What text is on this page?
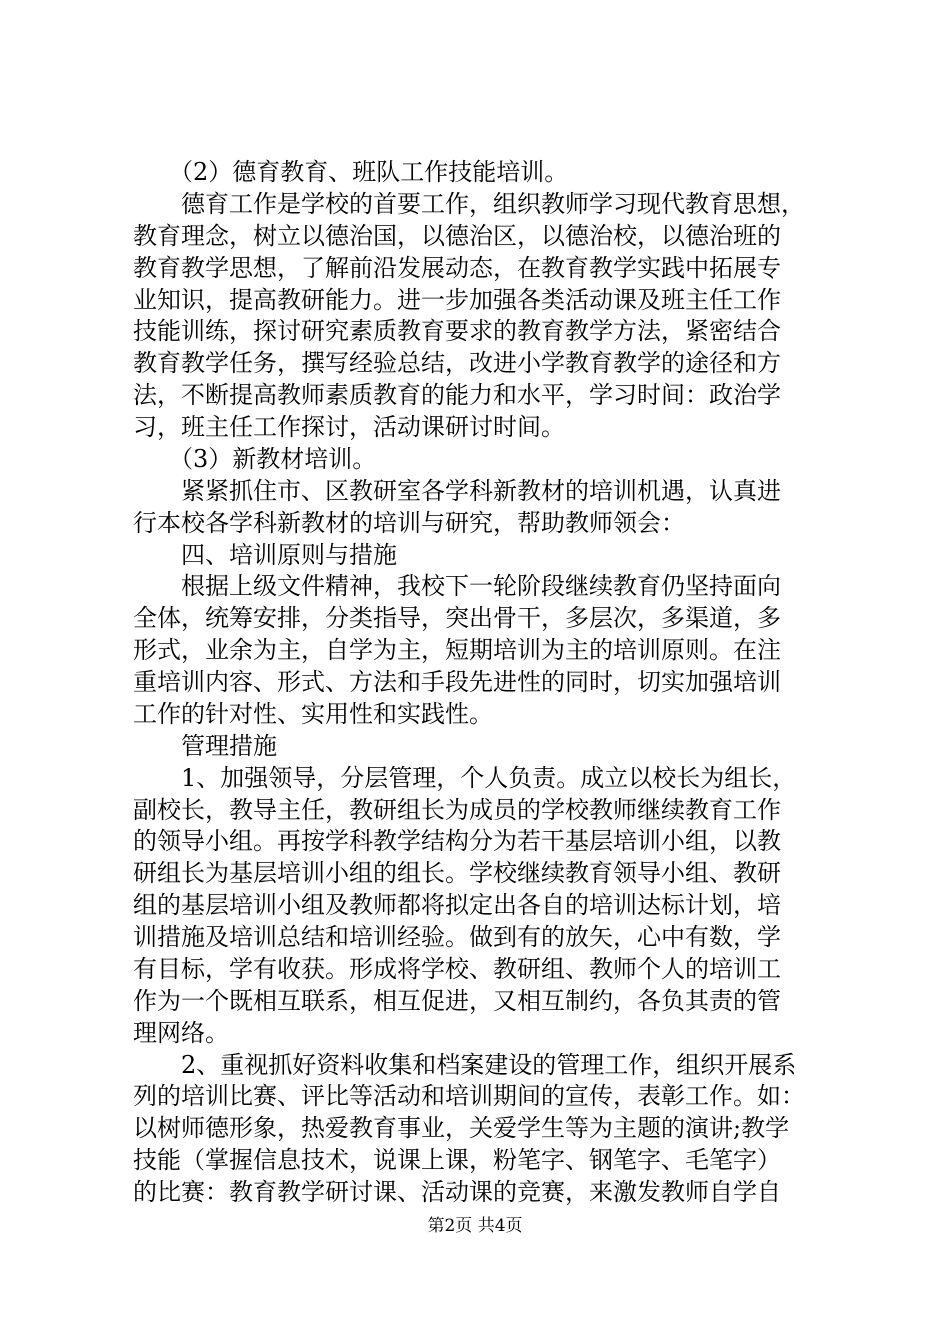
　　（2）德育教育、班队工作技能培训。
　　德育工作是学校的首要工作，组织教师学习现代教育思想，
教育理念，树立以德治国，以德治区，以德治校，以德治班的
教育教学思想，了解前沿发展动态，在教育教学实践中拓展专
业知识，提高教研能力。进一步加强各类活动课及班主任工作
技能训练，探讨研究素质教育要求的教育教学方法，紧密结合
教育教学任务，撰写经验总结，改进小学教育教学的途径和方
法，不断提高教师素质教育的能力和水平，学习时间：政治学
习，班主任工作探讨，活动课研讨时间。
　　（3）新教材培训。
　　紧紧抓住市、区教研室各学科新教材的培训机遇，认真进
行本校各学科新教材的培训与研究，帮助教师领会：
　　四、培训原则与措施
　　根据上级文件精神，我校下一轮阶段继续教育仍坚持面向
全体，统筹安排，分类指导，突出骨干，多层次，多渠道，多
形式，业余为主，自学为主，短期培训为主的培训原则。在注
重培训内容、形式、方法和手段先进性的同时，切实加强培训
工作的针对性、实用性和实践性。
　　管理措施
　　1、加强领导，分层管理，个人负责。成立以校长为组长，
副校长，教导主任，教研组长为成员的学校教师继续教育工作
的领导小组。再按学科教学结构分为若干基层培训小组，以教
研组长为基层培训小组的组长。学校继续教育领导小组、教研
组的基层培训小组及教师都将拟定出各自的培训达标计划，培
训措施及培训总结和培训经验。做到有的放矢，心中有数，学
有目标，学有收获。形成将学校、教研组、教师个人的培训工
作为一个既相互联系，相互促进，又相互制约，各负其责的管
理网络。
　　2、重视抓好资料收集和档案建设的管理工作，组织开展系
列的培训比赛、评比等活动和培训期间的宣传，表彰工作。如：
以树师德形象，热爱教育事业，关爱学生等为主题的演讲;教学
技能（掌握信息技术，说课上课，粉笔字、钢笔字、毛笔字）
的比赛：教育教学研讨课、活动课的竞赛，来激发教师自学自
第2页 共4页
